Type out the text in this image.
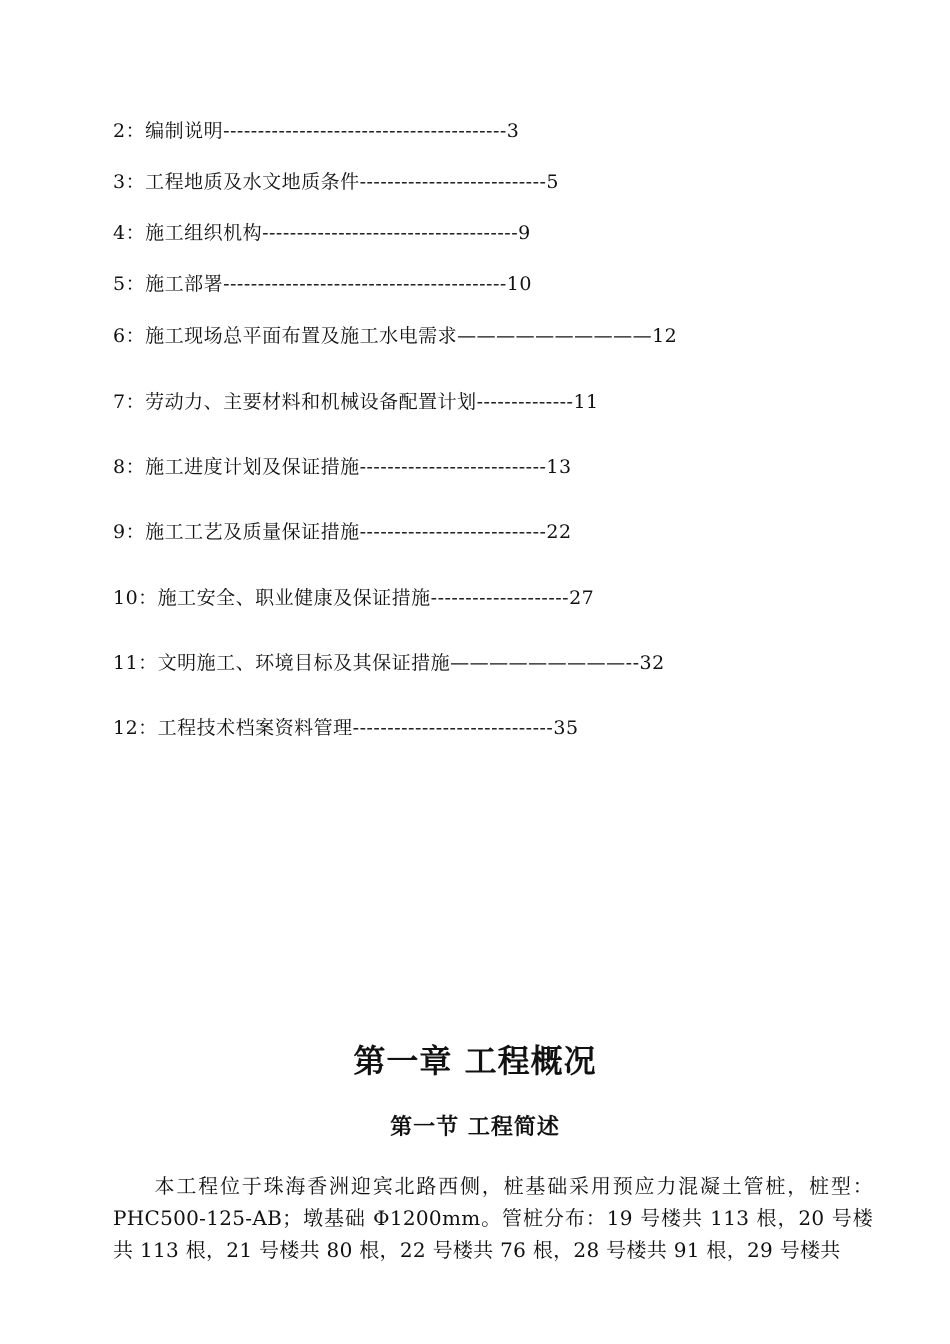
2：编制说明-----------------------------------------3
3：工程地质及水文地质条件---------------------------5
4：施工组织机构-------------------------------------9
5：施工部署-----------------------------------------10
6：施工现场总平面布置及施工水电需求——————————12
7：劳动力、主要材料和机械设备配置计划--------------11
8：施工进度计划及保证措施---------------------------13
9：施工工艺及质量保证措施---------------------------22
10：施工安全、职业健康及保证措施--------------------27
11：文明施工、环境目标及其保证措施—————————--32
12：工程技术档案资料管理-----------------------------35
第一章 工程概况
第一节 工程简述
本工程位于珠海香洲迎宾北路西侧，桩基础采用预应力混凝土管桩，桩型：PHC500-125-AB；墩基础 Φ1200mm。管桩分布：19 号楼共 113 根，20 号楼共 113 根，21 号楼共 80 根，22 号楼共 76 根，28 号楼共 91 根，29 号楼共
